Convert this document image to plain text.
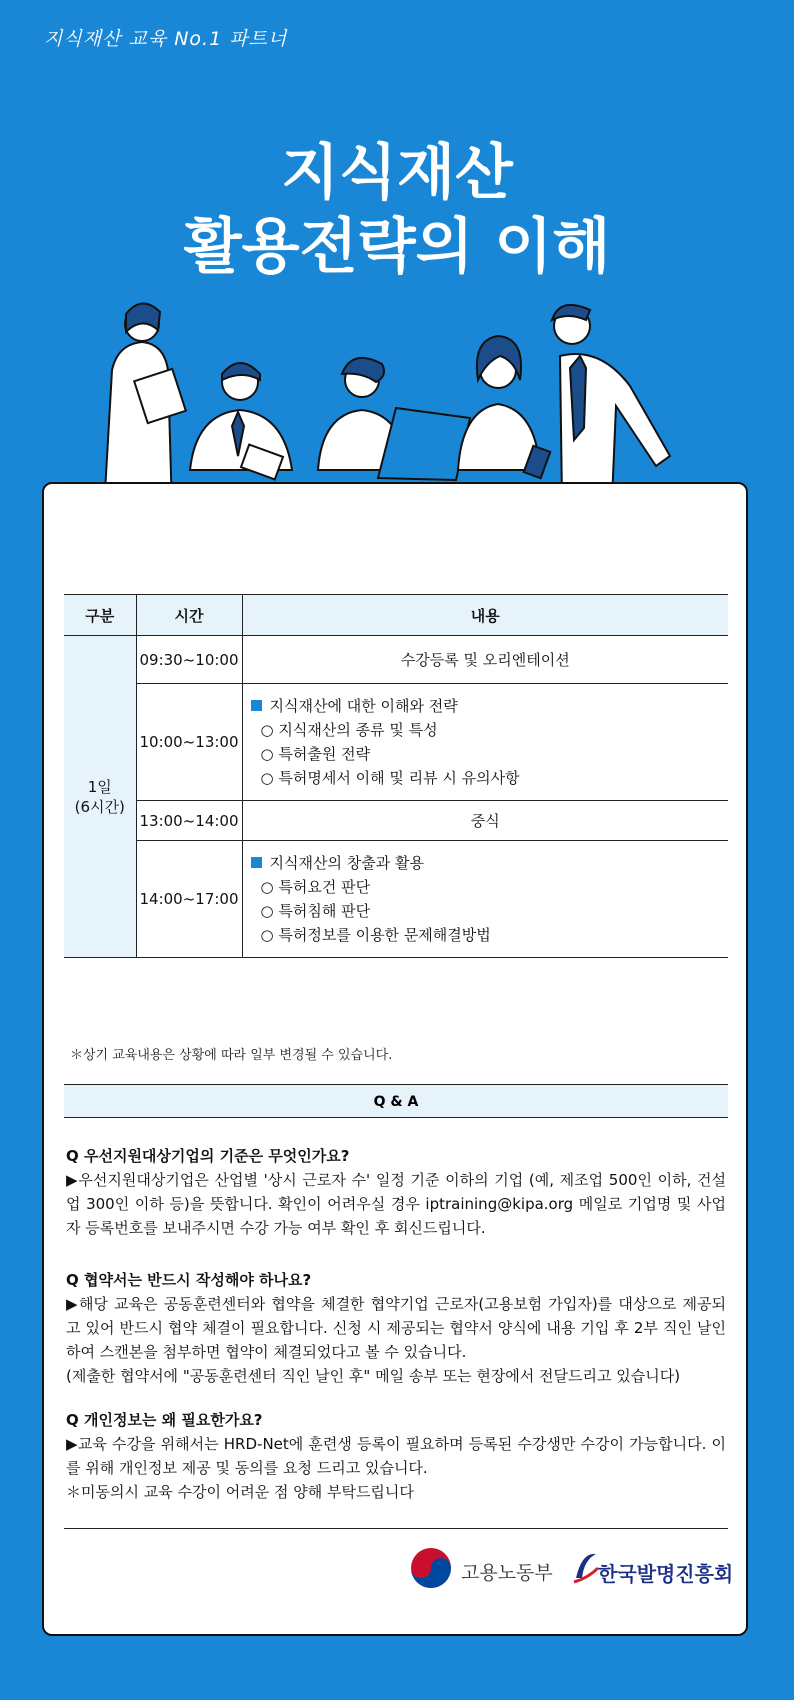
지식재산 교육 No.1 파트너
지식재산
활용전략의 이해
구분	시간	내용

1일
(6시간)	09:30~10:00	수강등록 및 오리엔테이션
	10:00~13:00	지식재산에 대한 이해와 전략
○ 지식재산의 종류 및 특성
○ 특허출원 전략
○ 특허명세서 이해 및 리뷰 시 유의사항

	13:00~14:00	중식
	14:00~17:00	지식재산의 창출과 활용
○ 특허요건 판단
○ 특허침해 판단
○ 특허정보를 이용한 문제해결방법
＊상기 교육내용은 상황에 따라 일부 변경될 수 있습니다.
Q & A
Q 우선지원대상기업의 기준은 무엇인가요?
▶우선지원대상기업은 산업별 '상시 근로자 수' 일정 기준 이하의 기업 (예, 제조업 500인 이하, 건설업 300인 이하 등)을 뜻합니다. 확인이 어려우실 경우 iptraining@kipa.org 메일로 기업명 및 사업자 등록번호를 보내주시면 수강 가능 여부 확인 후 회신드립니다.
Q 협약서는 반드시 작성해야 하나요?
▶해당 교육은 공동훈련센터와 협약을 체결한 협약기업 근로자(고용보험 가입자)를 대상으로 제공되고 있어 반드시 협약 체결이 필요합니다. 신청 시 제공되는 협약서 양식에 내용 기입 후 2부 직인 날인하여 스캔본을 첨부하면 협약이 체결되었다고 볼 수 있습니다.
(제출한 협약서에 "공동훈련센터 직인 날인 후" 메일 송부 또는 현장에서 전달드리고 있습니다)
Q 개인정보는 왜 필요한가요?
▶교육 수강을 위해서는 HRD-Net에 훈련생 등록이 필요하며 등록된 수강생만 수강이 가능합니다. 이를 위해 개인정보 제공 및 동의를 요청 드리고 있습니다.
＊미동의시 교육 수강이 어려운 점 양해 부탁드립니다
고용노동부 한국발명진흥회
